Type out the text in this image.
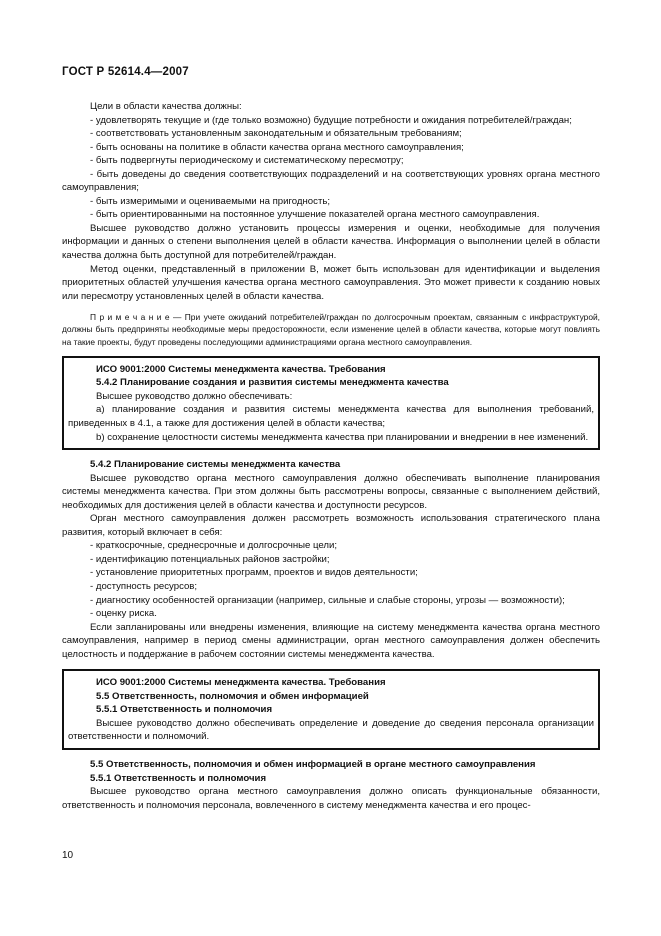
ГОСТ Р 52614.4—2007

Цели в области качества должны:

- удовлетворять текущие и (где только возможно) будущие потребности и ожидания потребителей/граждан;

- соответствовать установленным законодательным и обязательным требованиям;

- быть основаны на политике в области качества органа местного самоуправления;

- быть подвергнуты периодическому и систематическому пересмотру;

- быть доведены до сведения соответствующих подразделений и на соответствующих уровнях органа местного самоуправления;

- быть измеримыми и оцениваемыми на пригодность;

- быть ориентированными на постоянное улучшение показателей органа местного самоуправления.

Высшее руководство должно установить процессы измерения и оценки, необходимые для получения информации и данных о степени выполнения целей в области качества. Информация о выполнении целей в области качества должна быть доступной для потребителей/граждан.

Метод оценки, представленный в приложении В, может быть использован для идентификации и выделения приоритетных областей улучшения качества органа местного самоуправления. Это может привести к созданию новых или пересмотру установленных целей в области качества.

П р и м е ч а н и е — При учете ожиданий потребителей/граждан по долгосрочным проектам, связанным с инфраструктурой, должны быть предприняты необходимые меры предосторожности, если изменение целей в области качества, которые могут повлиять на такие проекты, будут проведены последующими администрациями органа местного самоуправления.

ИСО 9001:2000 Системы менеджмента качества. Требования

5.4.2 Планирование создания и развития системы менеджмента качества

Высшее руководство должно обеспечивать:

а) планирование создания и развития системы менеджмента качества для выполнения требований, приведенных в 4.1, а также для достижения целей в области качества;

b) сохранение целостности системы менеджмента качества при планировании и внедрении в нее изменений.

5.4.2 Планирование системы менеджмента качества

Высшее руководство органа местного самоуправления должно обеспечивать выполнение планирования системы менеджмента качества. При этом должны быть рассмотрены вопросы, связанные с выполнением действий, необходимых для достижения целей в области качества и доступности ресурсов.

Орган местного самоуправления должен рассмотреть возможность использования стратегического плана развития, который включает в себя:

- краткосрочные, среднесрочные и долгосрочные цели;

- идентификацию потенциальных районов застройки;

- установление приоритетных программ, проектов и видов деятельности;

- доступность ресурсов;

- диагностику особенностей организации (например, сильные и слабые стороны, угрозы — возможности);

- оценку риска.

Если запланированы или внедрены изменения, влияющие на систему менеджмента качества органа местного самоуправления, например в период смены администрации, орган местного самоуправления должен обеспечить целостность и поддержание в рабочем состоянии системы менеджмента качества.

ИСО 9001:2000 Системы менеджмента качества. Требования

5.5 Ответственность, полномочия и обмен информацией

5.5.1 Ответственность и полномочия

Высшее руководство должно обеспечивать определение и доведение до сведения персонала организации ответственности и полномочий.

5.5 Ответственность, полномочия и обмен информацией в органе местного самоуправления

5.5.1 Ответственность и полномочия

Высшее руководство органа местного самоуправления должно описать функциональные обязанности, ответственность и полномочия персонала, вовлеченного в систему менеджмента качества и его процес-

10
